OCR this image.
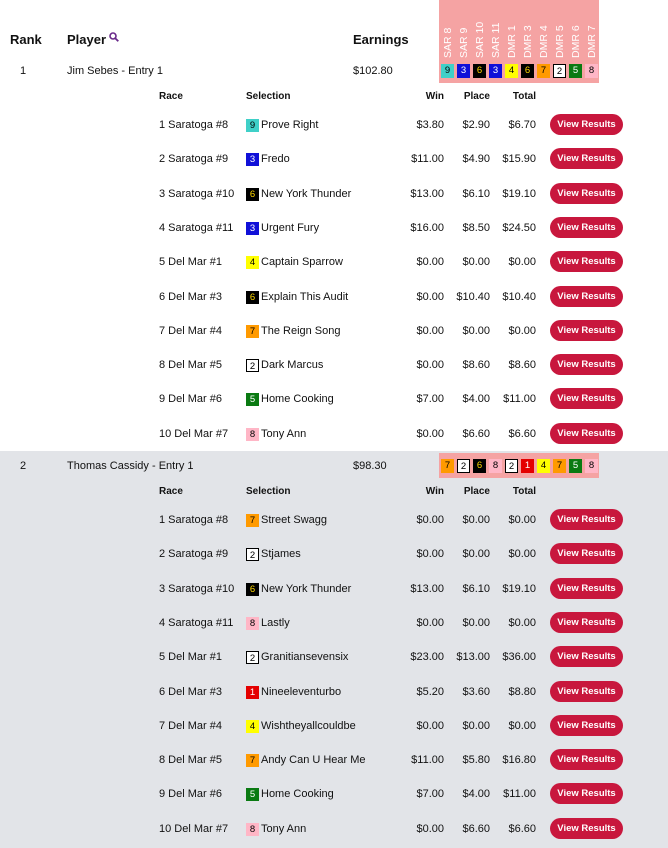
SAR 8 SAR 9 SAR 10 SAR 11 DMR 1 DMR 3 DMR 4 DMR 5 DMR 6 DMR 7
Rank Player	Earnings
1	Jim Sebes - Entry 1	$102.80	9	3	6	3	4	6	7	2	5	8
Race	Selection	Win	Place	Total
1 Saratoga #8	9 Prove Right	$3.80	$2.90	$6.70	View Results
2 Saratoga #9	3 Fredo	$11.00	$4.90	$15.90	View Results
3 Saratoga #10	6 New York Thunder	$13.00	$6.10	$19.10	View Results
4 Saratoga #11	3 Urgent Fury	$16.00	$8.50	$24.50	View Results
5 Del Mar #1	4 Captain Sparrow	$0.00	$0.00	$0.00	View Results
6 Del Mar #3	6 Explain This Audit	$0.00	$10.40	$10.40	View Results
7 Del Mar #4	7 The Reign Song	$0.00	$0.00	$0.00	View Results
8 Del Mar #5	2 Dark Marcus	$0.00	$8.60	$8.60	View Results
9 Del Mar #6	5 Home Cooking	$7.00	$4.00	$11.00	View Results
10 Del Mar #7	8 Tony Ann	$0.00	$6.60	$6.60	View Results
2	Thomas Cassidy - Entry 1	$98.30	7	2	6	8	2	1	4	7	5	8
Race	Selection	Win	Place	Total
1 Saratoga #8	7 Street Swagg	$0.00	$0.00	$0.00	View Results
2 Saratoga #9	2 Stjames	$0.00	$0.00	$0.00	View Results
3 Saratoga #10	6 New York Thunder	$13.00	$6.10	$19.10	View Results
4 Saratoga #11	8 Lastly	$0.00	$0.00	$0.00	View Results
5 Del Mar #1	2 Granitiansevensix	$23.00	$13.00	$36.00	View Results
6 Del Mar #3	1 Nineeleventurbo	$5.20	$3.60	$8.80	View Results
7 Del Mar #4	4 Wishtheyallcouldbe	$0.00	$0.00	$0.00	View Results
8 Del Mar #5	7 Andy Can U Hear Me	$11.00	$5.80	$16.80	View Results
9 Del Mar #6	5 Home Cooking	$7.00	$4.00	$11.00	View Results
10 Del Mar #7	8 Tony Ann	$0.00	$6.60	$6.60	View Results
